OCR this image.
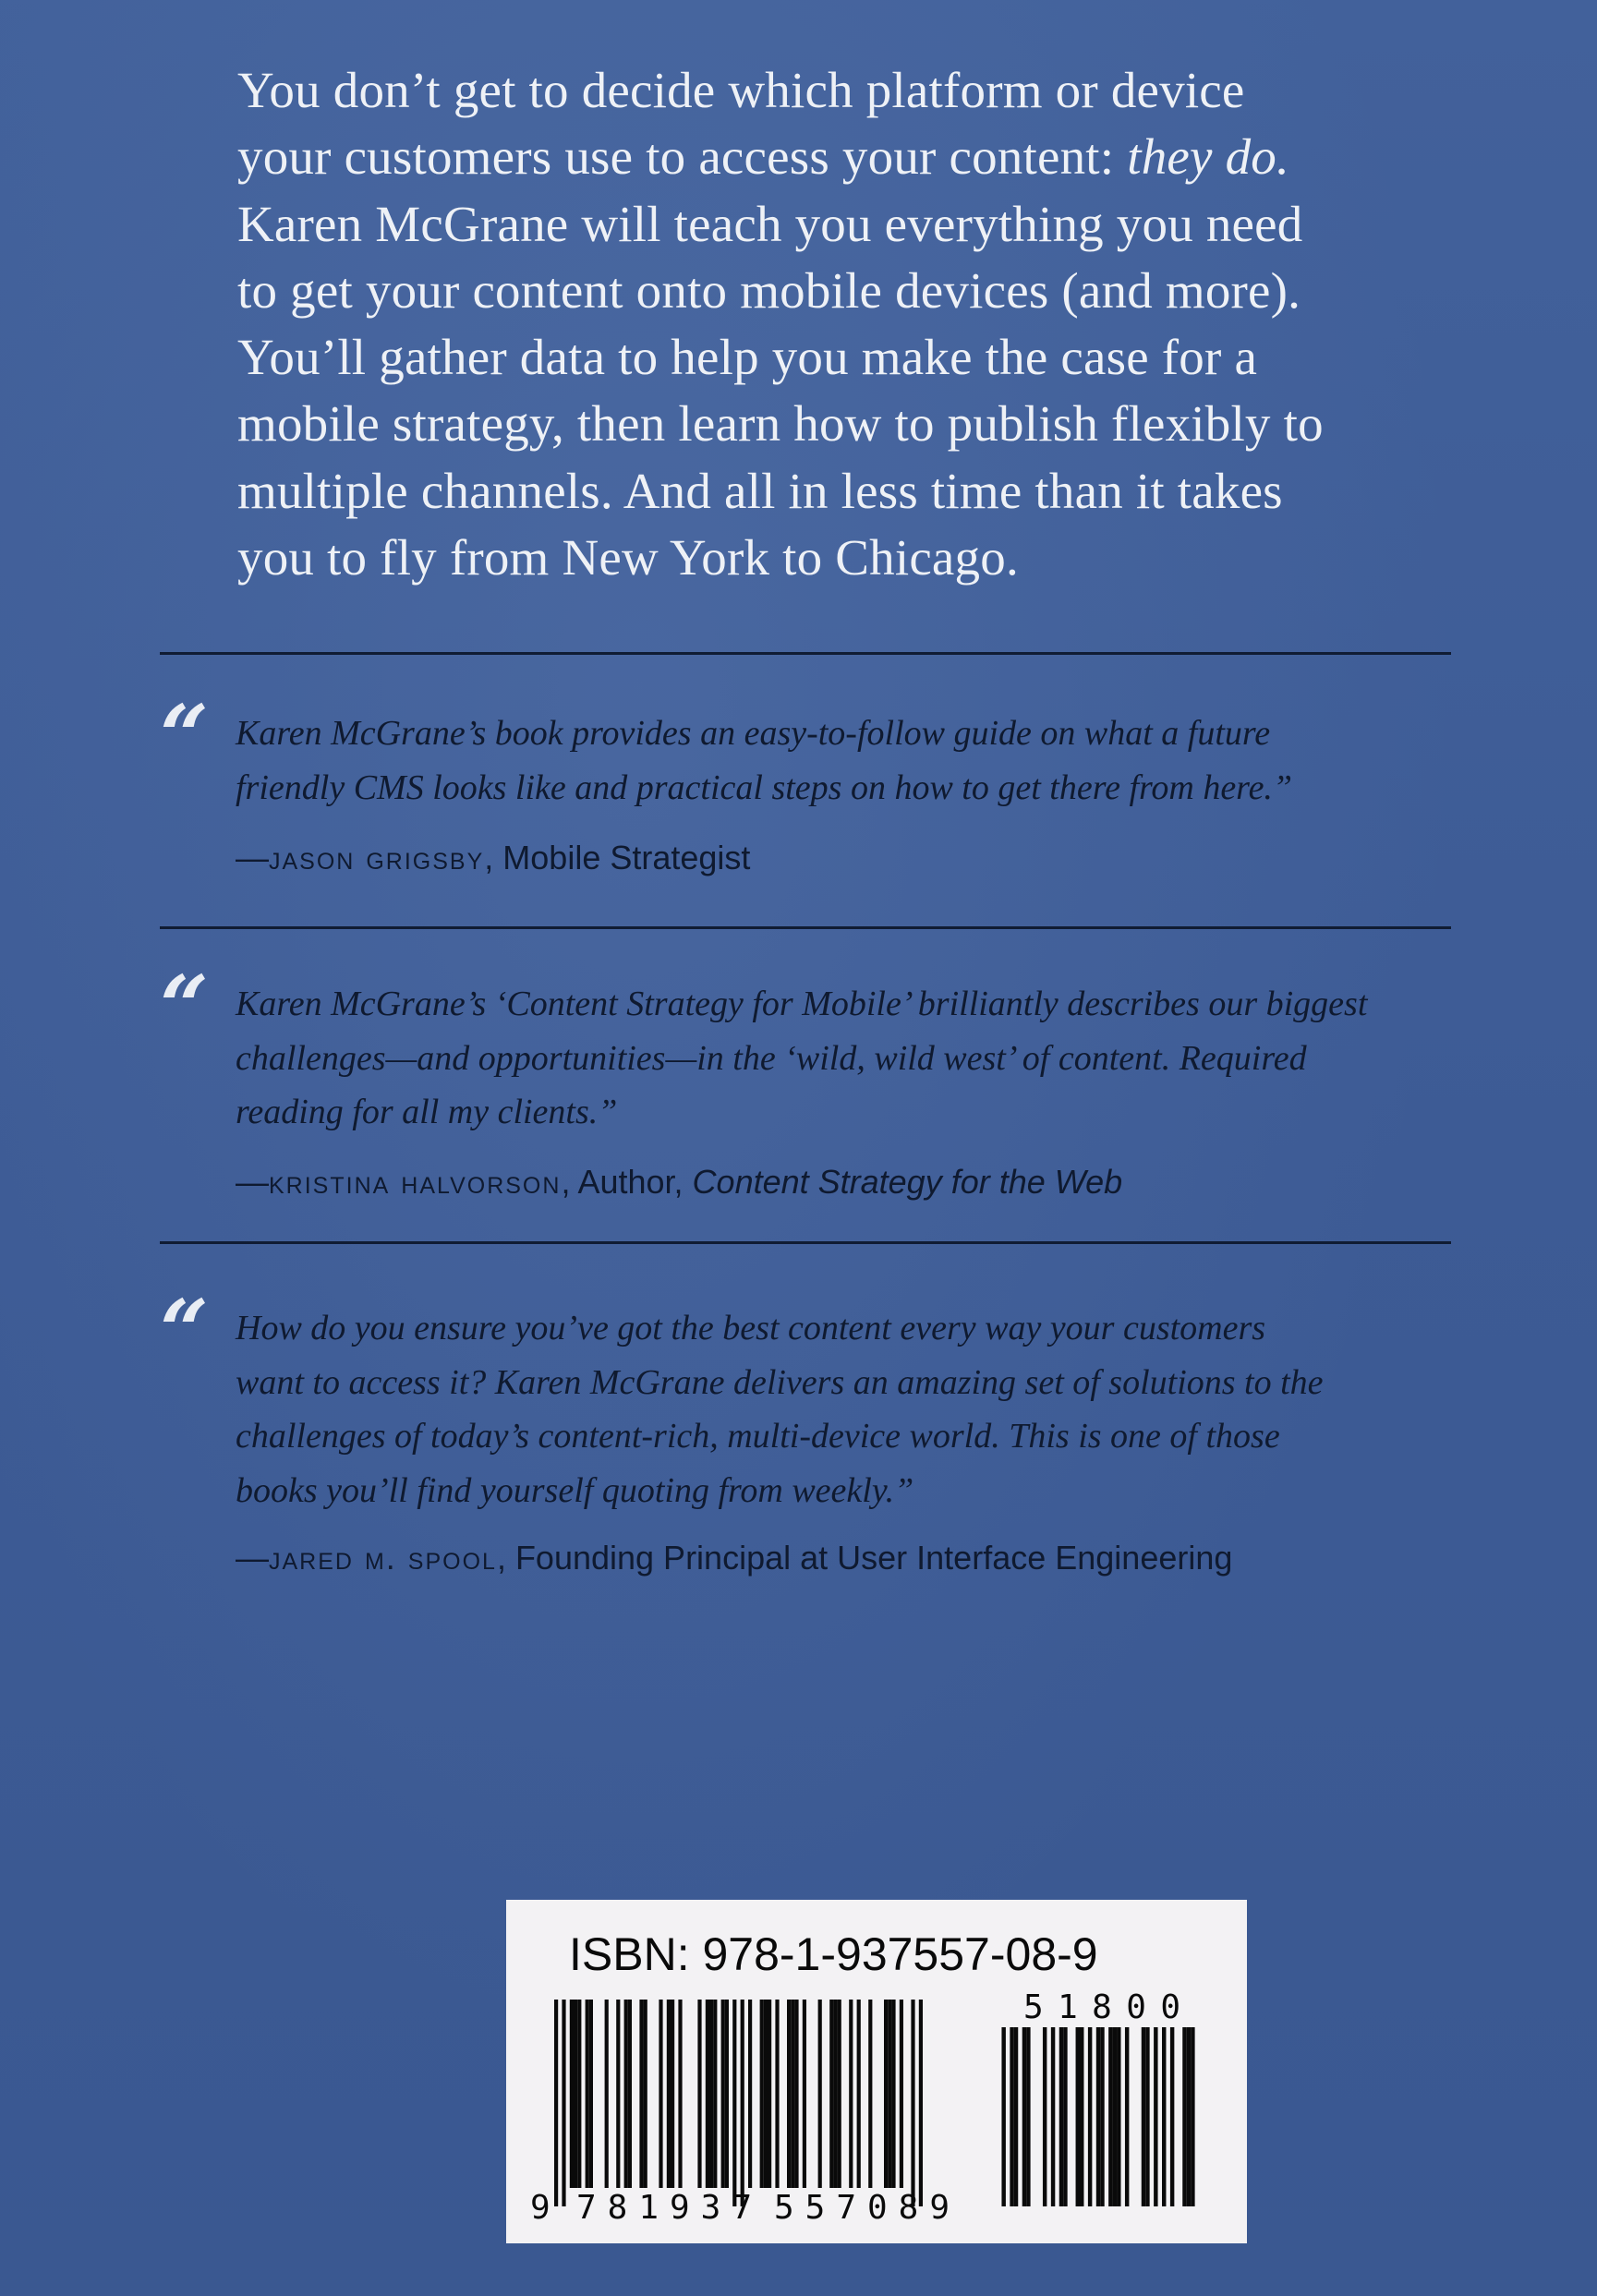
You don’t get to decide which platform or device
your customers use to access your content: they do.
Karen McGrane will teach you everything you need
to get your content onto mobile devices (and more).
You’ll gather data to help you make the case for a
mobile strategy, then learn how to publish flexibly to
multiple channels. And all in less time than it takes
you to fly from New York to Chicago.
“ Karen McGrane’s book provides an easy-to-follow guide on what a future
friendly CMS looks like and practical steps on how to get there from here.”

—jason grigsby, Mobile Strategist
“ Karen McGrane’s ‘Content Strategy for Mobile’ brilliantly describes our biggest
challenges—and opportunities—in the ‘wild, wild west’ of content. Required
reading for all my clients.”

—kristina halvorson, Author, Content Strategy for the Web
“ How do you ensure you’ve got the best content every way your customers
want to access it? Karen McGrane delivers an amazing set of solutions to the
challenges of today’s content-rich, multi-device world. This is one of those
books you’ll find yourself quoting from weekly.”

—jared m. spool, Founding Principal at User Interface Engineering
ISBN: 978-1-937557-08-9
9 781937 557089
51800
